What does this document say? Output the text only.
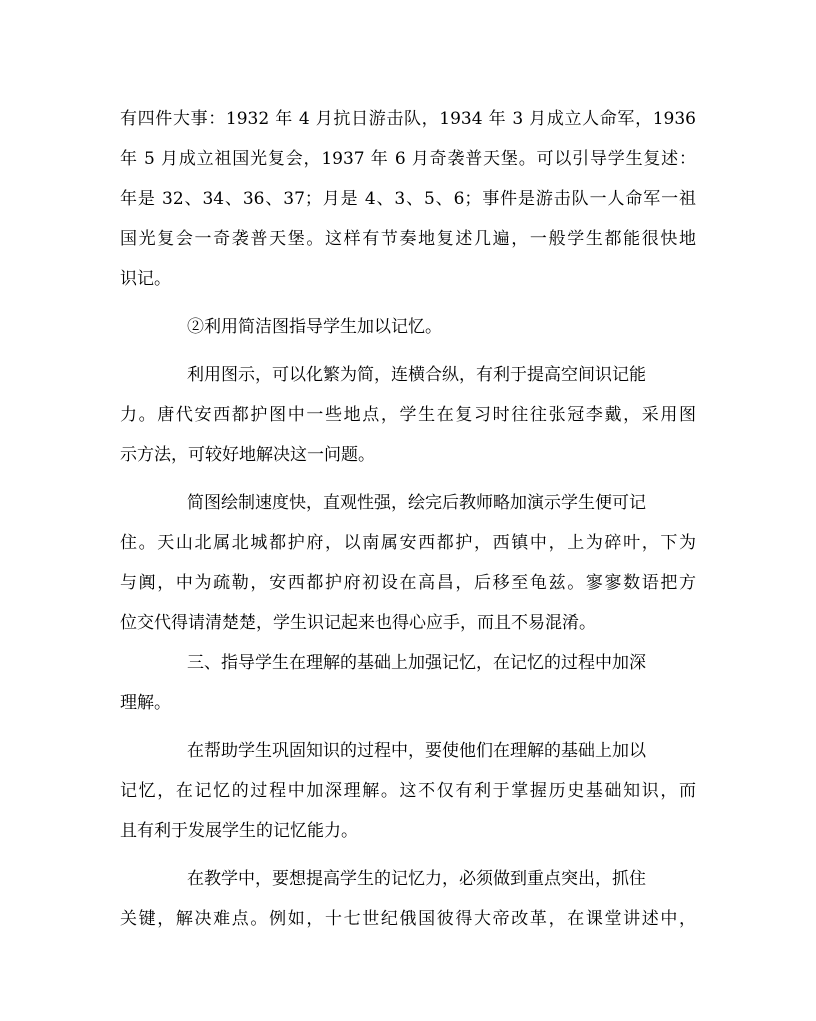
有四件大事：1932 年 4 月抗日游击队，1934 年 3 月成立人命军，1936
年 5 月成立祖国光复会，1937 年 6 月奇袭普天堡。可以引导学生复述：
年是 32、34、36、37；月是 4、3、5、6；事件是游击队一人命军一祖
国光复会一奇袭普天堡。这样有节奏地复述几遍，一般学生都能很快地
识记。
②利用简洁图指导学生加以记忆。
利用图示，可以化繁为简，连横合纵，有利于提高空间识记能
力。唐代安西都护图中一些地点，学生在复习时往往张冠李戴，采用图
示方法，可较好地解决这一问题。
简图绘制速度快，直观性强，绘完后教师略加演示学生便可记
住。天山北属北城都护府，以南属安西都护，西镇中，上为碎叶，下为
与阗，中为疏勒，安西都护府初设在高昌，后移至龟兹。寥寥数语把方
位交代得请清楚楚，学生识记起来也得心应手，而且不易混淆。
三、指导学生在理解的基础上加强记忆，在记忆的过程中加深
理解。
在帮助学生巩固知识的过程中，要使他们在理解的基础上加以
记忆，在记忆的过程中加深理解。这不仅有利于掌握历史基础知识，而
且有利于发展学生的记忆能力。
在教学中，要想提高学生的记忆力，必须做到重点突出，抓住
关键，解决难点。例如，十七世纪俄国彼得大帝改革，在课堂讲述中，
